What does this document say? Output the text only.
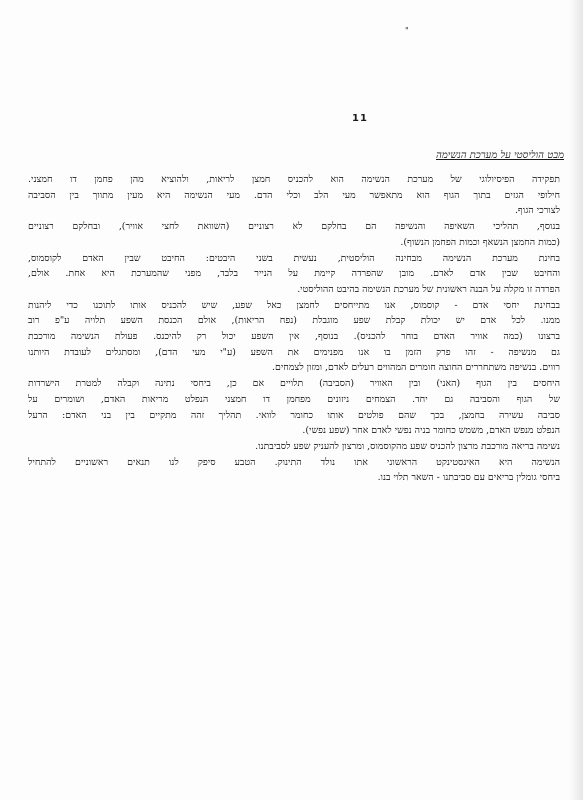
"
11
מבט הוליסטי על מערכת הנשימה

תפקידה הפיסיולוגי של מערכת הנשימה הוא להכניס חמצן לריאות, ולהוציא מהן פחמן דו חמצני.
חילופי הגזים בתוך הגוף הוא מתאפשר מעי הלב וכלי הדם. מעי הנשימה היא מעין מתווך בין הסביבה
לצורכי הגוף.

בנוסף, תהליכי השאיפה והנשיפה הם בחלקם לא רצוניים (השוואת לחצי אוויר), ובחלקם רצוניים
(כמות החמצן הנשאף וכמות הפחמן הנשוף).

בחינת מערכת הנשימה מבחינה הוליסטית, נעשית בשני היבטים: החיבט שבין האדם לקוסמוס,
והחיבט שבין אדם לאדם. מובן שהפרדה קיימת על הנייר בלבד, מפני שהמערכת היא אחת. אולם,
הפרדה זו מקלה על הבנה ראשונית של מערכת הנשימה בהיבט ההוליסטי.

בבחינת יחסי אדם - קוסמוס, אנו מתייחסים לחמצן כאל שפע, שיש להכניס אותו לתוכנו כדי ליהנות
ממנו. לכל אדם יש יכולת קבלת שפע מוגבלת (נפח הריאות), אולם הכנסת השפע תלויה ע"פ רוב
ברצונו (כמה אוויר האדם בוחר להכניס). בנוסף, אין השפע יכול רק להיכנס. פעולת הנשימה מורכבת
גם מנשיפה - זהו פרק הזמן בו אנו מפנימים את השפע (ע"י מעי הדם), ומסתגלים לעובדת היותנו
רווים. בנשיפה משתחררים החוצה חומרים המהווים רעלים לאדם, ומזון לצמחים.

היחסים בין הגוף (האני) ובין האוויר (הסביבה) תלויים אם כן, ביחסי נתינה וקבלה למטרת הישרדות
של הגוף והסביבה גם יחד. הצמחים ניזונים מפחמן דו חמצני הנפלט מריאות האדם, ושומרים על
סביבה עשירה בחמצן, בכך שהם פולטים אותו כחומר לוואי. תהליך זהה מתקיים בין בני האדם: הרעל
הנפלט מנפש האדם, משמש כחומר בניה נפשי לאדם אחר (שפע נפשי).

נשימה בריאה מורכבת מרצון להכניס שפע מהקוסמוס, ומרצון להעניק שפע לסביבתנו.
הנשימה היא האינסטינקט הראשוני אתו נולד התינוק. הטבע סיפק לנו תנאים ראשוניים להתחיל
ביחסי גומלין בריאים עם סביבתנו - השאר תלוי בנו.
